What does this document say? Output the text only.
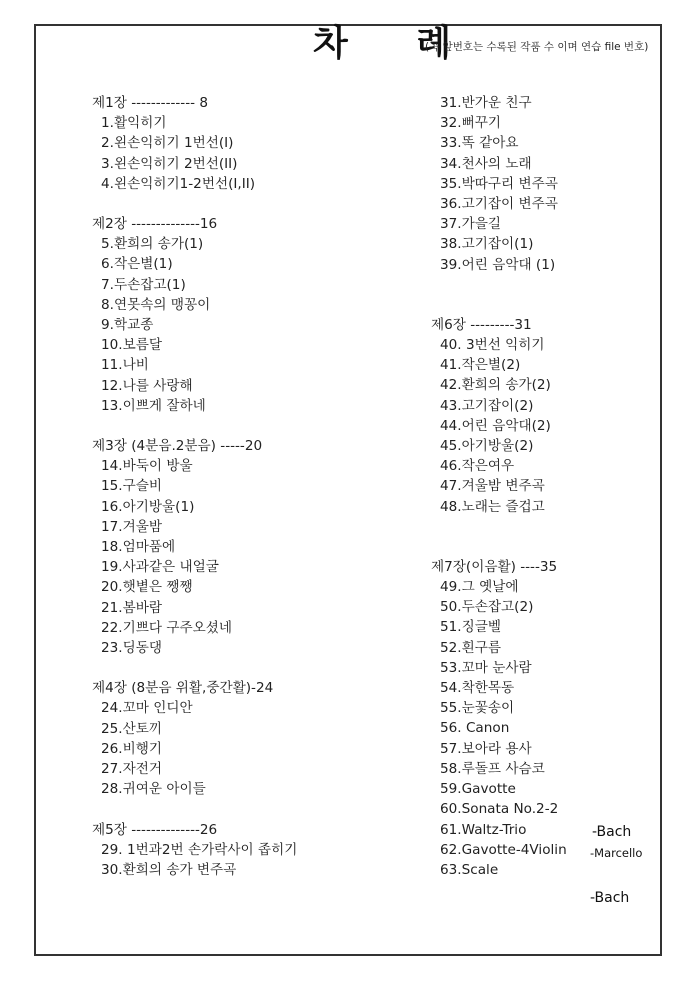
차 례
(곡 앞번호는 수록된 작품 수 이며 연습 file 번호)
제1장 ------------- 8
1.활익히기
2.왼손익히기 1번선(I)
3.왼손익히기 2번선(II)
4.왼손익히기1-2번선(I,II)
제2장 --------------16
5.환희의 송가(1)
6.작은별(1)
7.두손잡고(1)
8.연못속의 맹꽁이
9.학교종
10.보름달
11.나비
12.나를 사랑해
13.이쁘게 잘하네
제3장 (4분음.2분음) -----20
14.바둑이 방울
15.구슬비
16.아기방울(1)
17.겨울밤
18.엄마품에
19.사과같은 내얼굴
20.햇볕은 쨍쨍
21.봄바람
22.기쁘다 구주오셨네
23.딩동댕
제4장 (8분음 위활,중간활)-24
24.꼬마 인디안
25.산토끼
26.비행기
27.자전거
28.귀여운 아이들
제5장 --------------26
29. 1번과2번 손가락사이 좁히기
30.환희의 송가 변주곡
31.반가운 친구
32.뻐꾸기
33.똑 같아요
34.천사의 노래
35.박따구리 변주곡
36.고기잡이 변주곡
37.가을길
38.고기잡이(1)
39.어린 음악대 (1)
제6장 ---------31
40. 3번선 익히기
41.작은별(2)
42.환희의 송가(2)
43.고기잡이(2)
44.어린 음악대(2)
45.아기방울(2)
46.작은여우
47.겨울밤 변주곡
48.노래는 즐겁고
제7장(이음활) ----35
49.그 옛날에
50.두손잡고(2)
51.징글벨
52.흰구름
53.꼬마 눈사람
54.착한목동
55.눈꽃송이
56. Canon
57.보아라 용사
58.루돌프 사슴코
59.Gavotte
60.Sonata No.2-2
61.Waltz-Trio
62.Gavotte-4Violin
63.Scale
-Bach
-Marcello
-Bach
